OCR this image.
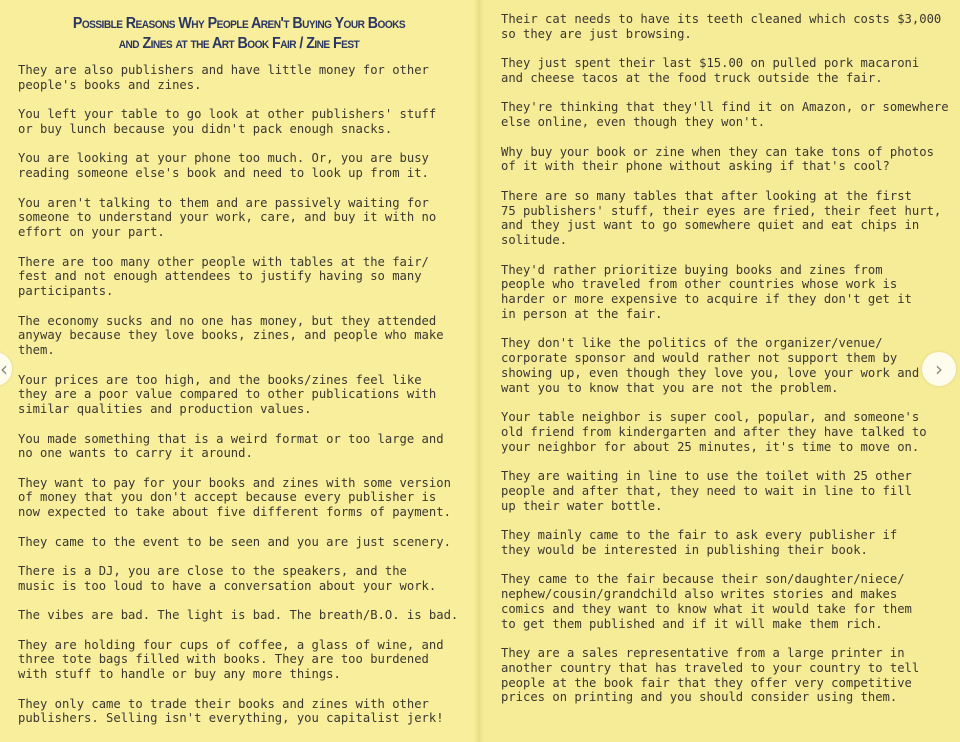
Possible Reasons Why People Aren't Buying Your Books
and Zines at the Art Book Fair / Zine Fest

They are also publishers and have little money for other
people's books and zines.

You left your table to go look at other publishers' stuff
or buy lunch because you didn't pack enough snacks.

You are looking at your phone too much. Or, you are busy
reading someone else's book and need to look up from it.

You aren't talking to them and are passively waiting for
someone to understand your work, care, and buy it with no
effort on your part.

There are too many other people with tables at the fair/
fest and not enough attendees to justify having so many
participants.

The economy sucks and no one has money, but they attended
anyway because they love books, zines, and people who make them.

Your prices are too high, and the books/zines feel like
they are a poor value compared to other publications with
similar qualities and production values.

You made something that is a weird format or too large and
no one wants to carry it around.

They want to pay for your books and zines with some version
of money that you don't accept because every publisher is
now expected to take about five different forms of payment.

They came to the event to be seen and you are just scenery.

There is a DJ, you are close to the speakers, and the
music is too loud to have a conversation about your work.

The vibes are bad. The light is bad. The breath/B.O. is bad.

They are holding four cups of coffee, a glass of wine, and
three tote bags filled with books. They are too burdened
with stuff to handle or buy any more things.

They only came to trade their books and zines with other
publishers. Selling isn't everything, you capitalist jerk!

Their cat needs to have its teeth cleaned which costs $3,000
so they are just browsing.

They just spent their last $15.00 on pulled pork macaroni
and cheese tacos at the food truck outside the fair.

They're thinking that they'll find it on Amazon, or somewhere
else online, even though they won't.

Why buy your book or zine when they can take tons of photos
of it with their phone without asking if that's cool?

There are so many tables that after looking at the first
75 publishers' stuff, their eyes are fried, their feet hurt,
and they just want to go somewhere quiet and eat chips in
solitude.

They'd rather prioritize buying books and zines from
people who traveled from other countries whose work is
harder or more expensive to acquire if they don't get it
in person at the fair.

They don't like the politics of the organizer/venue/
corporate sponsor and would rather not support them by
showing up, even though they love you, love your work and
want you to know that you are not the problem.

Your table neighbor is super cool, popular, and someone's
old friend from kindergarten and after they have talked to
your neighbor for about 25 minutes, it's time to move on.

They are waiting in line to use the toilet with 25 other
people and after that, they need to wait in line to fill
up their water bottle.

They mainly came to the fair to ask every publisher if
they would be interested in publishing their book.

They came to the fair because their son/daughter/niece/
nephew/cousin/grandchild also writes stories and makes
comics and they want to know what it would take for them
to get them published and if it will make them rich.

They are a sales representative from a large printer in
another country that has traveled to your country to tell
people at the book fair that they offer very competitive
prices on printing and you should consider using them.

‹	›
